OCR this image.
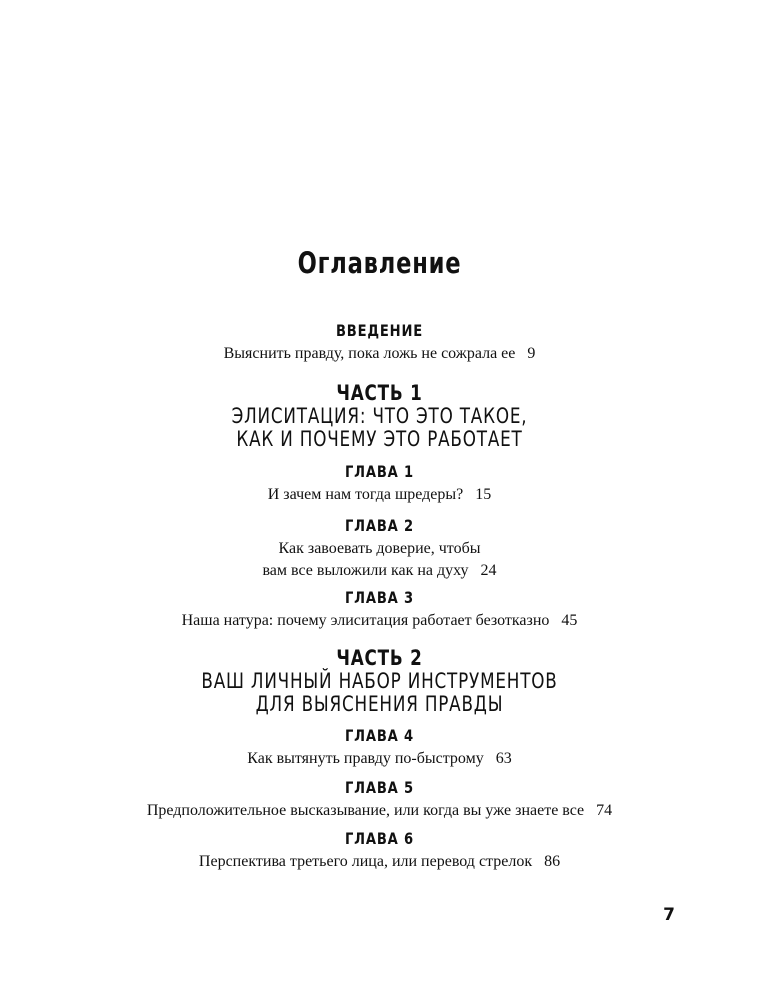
Оглавление
ВВЕДЕНИЕ
Выяснить правду, пока ложь не сожрала ее 9
ЧАСТЬ 1
ЭЛИСИТАЦИЯ: ЧТО ЭТО ТАКОЕ,
КАК И ПОЧЕМУ ЭТО РАБОТАЕТ
ГЛАВА 1
И зачем нам тогда шредеры? 15
ГЛАВА 2
Как завоевать доверие, чтобы
вам все выложили как на духу 24
ГЛАВА 3
Наша натура: почему элиситация работает безотказно 45
ЧАСТЬ 2
ВАШ ЛИЧНЫЙ НАБОР ИНСТРУМЕНТОВ
ДЛЯ ВЫЯСНЕНИЯ ПРАВДЫ
ГЛАВА 4
Как вытянуть правду по-быстрому 63
ГЛАВА 5
Предположительное высказывание, или когда вы уже знаете все 74
ГЛАВА 6
Перспектива третьего лица, или перевод стрелок 86
7
